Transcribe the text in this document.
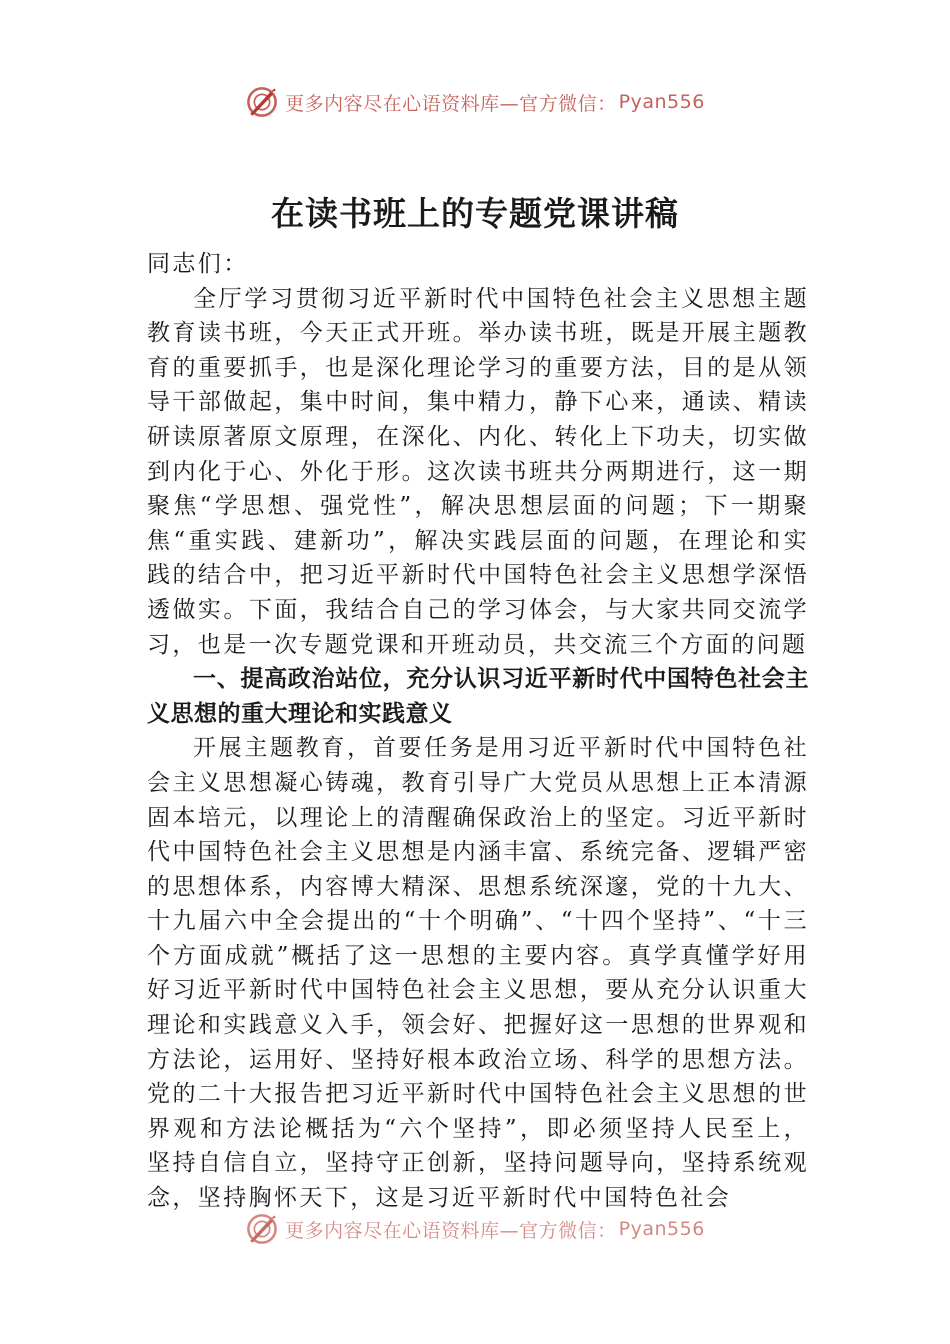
更多内容尽在心语资料库—官方微信： Pyan556
在读书班上的专题党课讲稿

同志们：

全厅学习贯彻习近平新时代中国特色社会主义思想主题教育读书班，今天正式开班。举办读书班，既是开展主题教育的重要抓手，也是深化理论学习的重要方法，目的是从领导干部做起，集中时间，集中精力，静下心来，通读、精读研读原著原文原理，在深化、内化、转化上下功夫，切实做到内化于心、外化于形。这次读书班共分两期进行，这一期聚焦“学思想、强党性”，解决思想层面的问题；下一期聚焦“重实践、建新功”，解决实践层面的问题，在理论和实践的结合中，把习近平新时代中国特色社会主义思想学深悟透做实。下面，我结合自己的学习体会，与大家共同交流学习，也是一次专题党课和开班动员，共交流三个方面的问题

一、提高政治站位，充分认识习近平新时代中国特色社会主义思想的重大理论和实践意义

开展主题教育，首要任务是用习近平新时代中国特色社会主义思想凝心铸魂，教育引导广大党员从思想上正本清源固本培元，以理论上的清醒确保政治上的坚定。习近平新时代中国特色社会主义思想是内涵丰富、系统完备、逻辑严密的思想体系，内容博大精深、思想系统深邃，党的十九大、十九届六中全会提出的“十个明确”、“十四个坚持”、“十三个方面成就”概括了这一思想的主要内容。真学真懂学好用好习近平新时代中国特色社会主义思想，要从充分认识重大理论和实践意义入手，领会好、把握好这一思想的世界观和方法论，运用好、坚持好根本政治立场、科学的思想方法。党的二十大报告把习近平新时代中国特色社会主义思想的世界观和方法论概括为“六个坚持”，即必须坚持人民至上，坚持自信自立，坚持守正创新，坚持问题导向，坚持系统观念，坚持胸怀天下，这是习近平新时代中国特色社会

更多内容尽在心语资料库—官方微信： Pyan556
